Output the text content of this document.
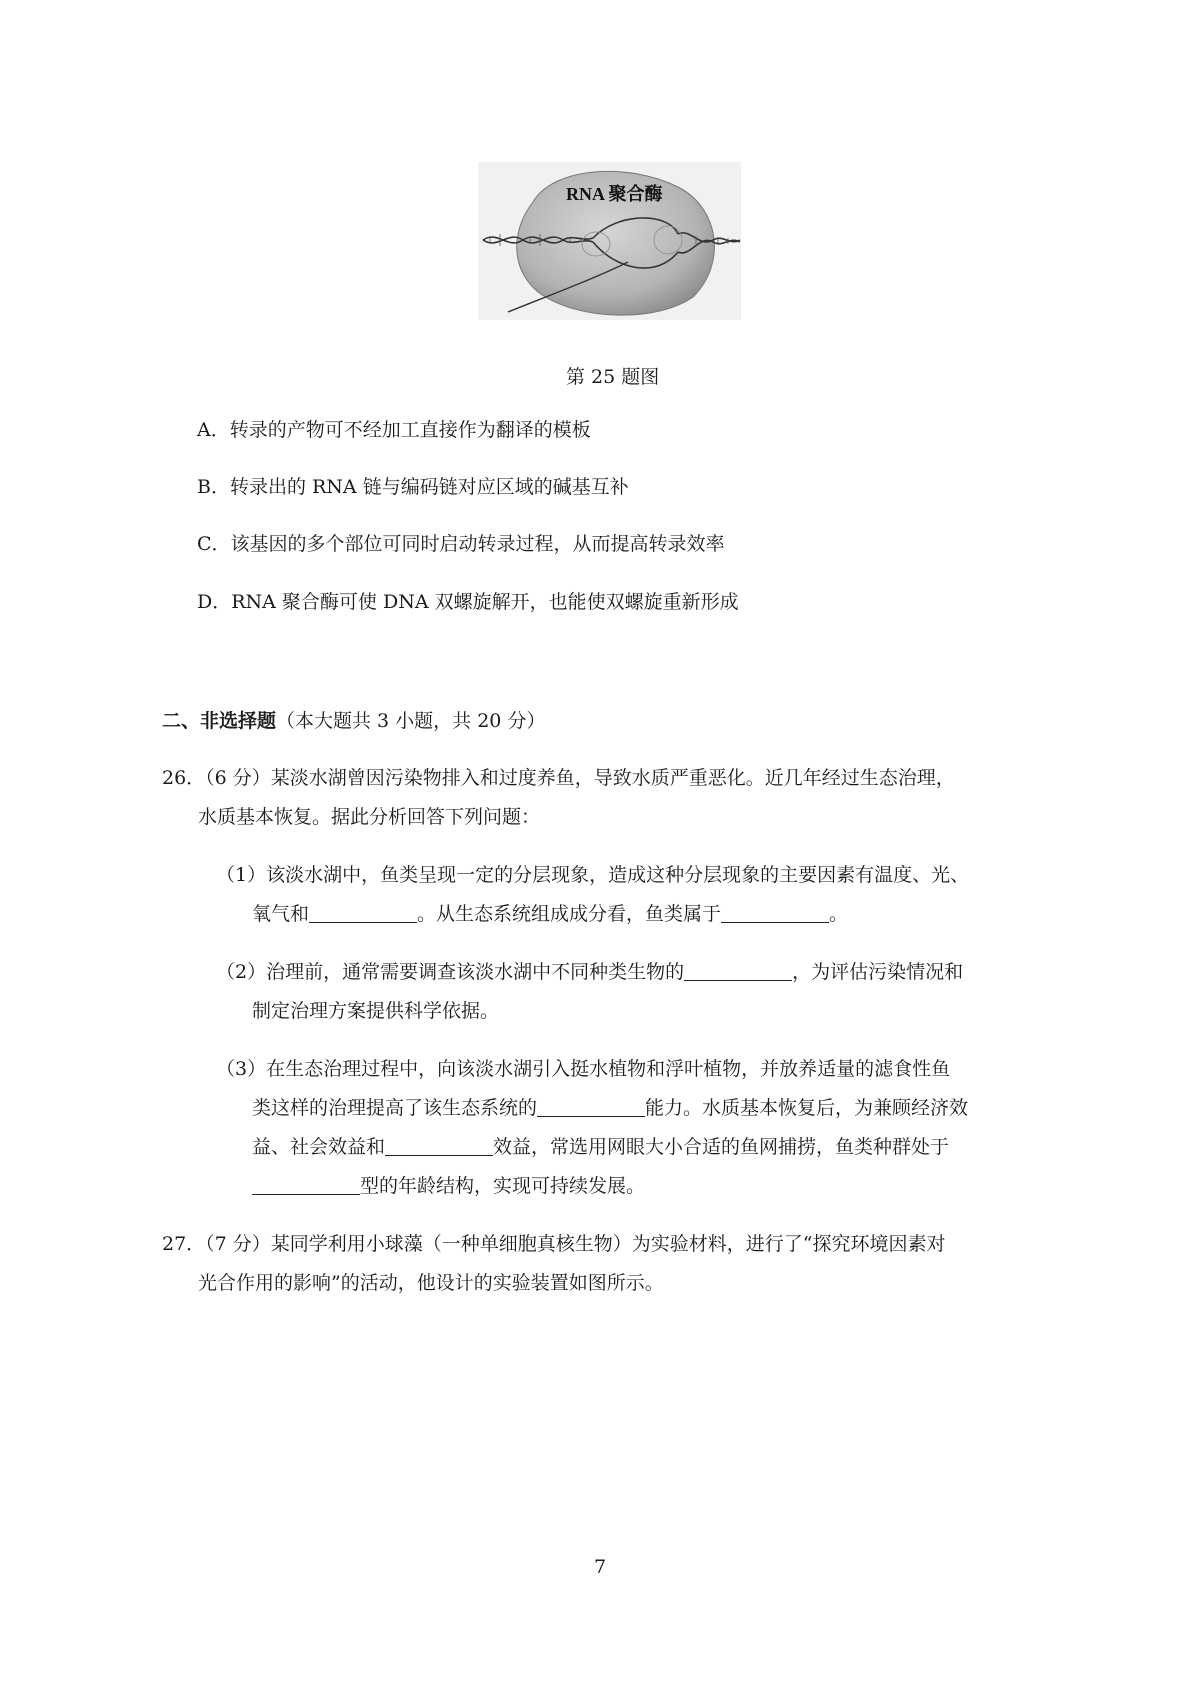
RNA 聚合酶
第 25 题图
A．转录的产物可不经加工直接作为翻译的模板
B．转录出的 RNA 链与编码链对应区域的碱基互补
C．该基因的多个部位可同时启动转录过程，从而提高转录效率
D．RNA 聚合酶可使 DNA 双螺旋解开，也能使双螺旋重新形成
二、非选择题（本大题共 3 小题，共 20 分）
26．（6 分）某淡水湖曾因污染物排入和过度养鱼，导致水质严重恶化。近几年经过生态治理，
水质基本恢复。据此分析回答下列问题：
（1）该淡水湖中，鱼类呈现一定的分层现象，造成这种分层现象的主要因素有温度、光、
氧气和	。从生态系统组成成分看，鱼类属于	。
（2）治理前，通常需要调查该淡水湖中不同种类生物的	，为评估污染情况和
制定治理方案提供科学依据。
（3）在生态治理过程中，向该淡水湖引入挺水植物和浮叶植物，并放养适量的滤食性鱼
类这样的治理提高了该生态系统的	能力。水质基本恢复后，为兼顾经济效
益、社会效益和	效益，常选用网眼大小合适的鱼网捕捞，鱼类种群处于
型的年龄结构，实现可持续发展。
27．（7 分）某同学利用小球藻（一种单细胞真核生物）为实验材料，进行了“探究环境因素对
光合作用的影响”的活动，他设计的实验装置如图所示。
7
